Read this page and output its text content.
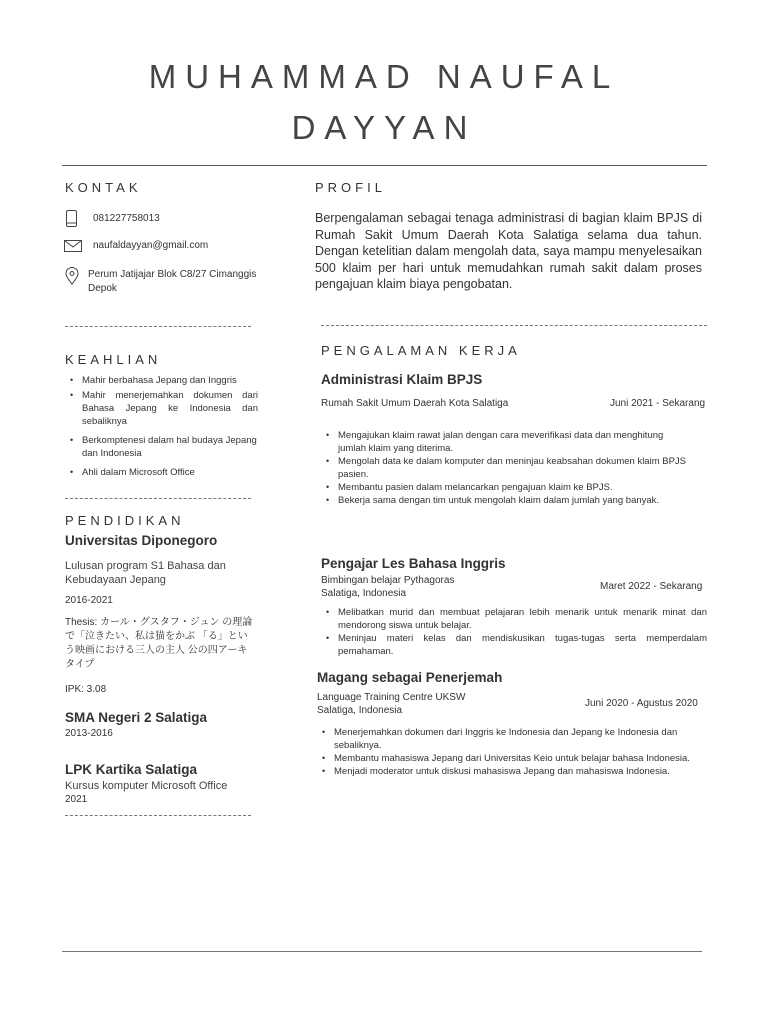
MUHAMMAD NAUFAL
DAYYAN
KONTAK
081227758013
naufaldayyan@gmail.com
Perum Jatijajar Blok C8/27 Cimanggis
Depok
KEAHLIAN
• Mahir berbahasa Jepang dan Inggris
• Mahir menerjemahkan dokumen dari Bahasa Jepang ke Indonesia dan sebaliknya
• Berkomptenesi dalam hal budaya Jepang dan Indonesia
• Ahli dalam Microsoft Office
PENDIDIKAN
Universitas Diponegoro
Lulusan program S1 Bahasa dan
Kebudayaan Jepang
2016-2021
Thesis: カール・グスタフ・ジュン の理論
で「泣きたい、私は猫をかぶ 「る」とい
う映画における三人の主人 公の四アーキ
タイプ
IPK: 3.08
SMA Negeri 2 Salatiga
2013-2016
LPK Kartika Salatiga
Kursus komputer Microsoft Office
2021
PROFIL
Berpengalaman sebagai tenaga administrasi di bagian klaim BPJS di Rumah Sakit Umum Daerah Kota Salatiga selama dua tahun. Dengan ketelitian dalam mengolah data, saya mampu menyelesaikan 500 klaim per hari untuk memudahkan rumah sakit dalam proses pengajuan klaim biaya pengobatan.
PENGALAMAN KERJA
Administrasi Klaim BPJS
Rumah Sakit Umum Daerah Kota Salatiga	Juni 2021 - Sekarang
• Mengajukan klaim rawat jalan dengan cara meverifikasi data dan menghitung jumlah klaim yang diterima.
• Mengolah data ke dalam komputer dan meninjau keabsahan dokumen klaim BPJS pasien.
• Membantu pasien dalam melancarkan pengajuan klaim ke BPJS.
• Bekerja sama dengan tim untuk mengolah klaim dalam jumlah yang banyak.
Pengajar Les Bahasa Inggris
Bimbingan belajar Pythagoras
Salatiga, Indonesia
Maret 2022 - Sekarang
• Melibatkan murid dan membuat pelajaran lebih menarik untuk menarik minat dan mendorong siswa untuk belajar.
• Meninjau materi kelas dan mendiskusikan tugas-tugas serta memperdalam pemahaman.
Magang sebagai Penerjemah
Language Training Centre UKSW
Salatiga, Indonesia
Juni 2020 - Agustus 2020
• Menerjemahkan dokumen dari Inggris ke Indonesia dan Jepang ke Indonesia dan sebaliknya.
• Membantu mahasiswa Jepang dari Universitas Keio untuk belajar bahasa Indonesia.
• Menjadi moderator untuk diskusi mahasiswa Jepang dan mahasiswa Indonesia.
